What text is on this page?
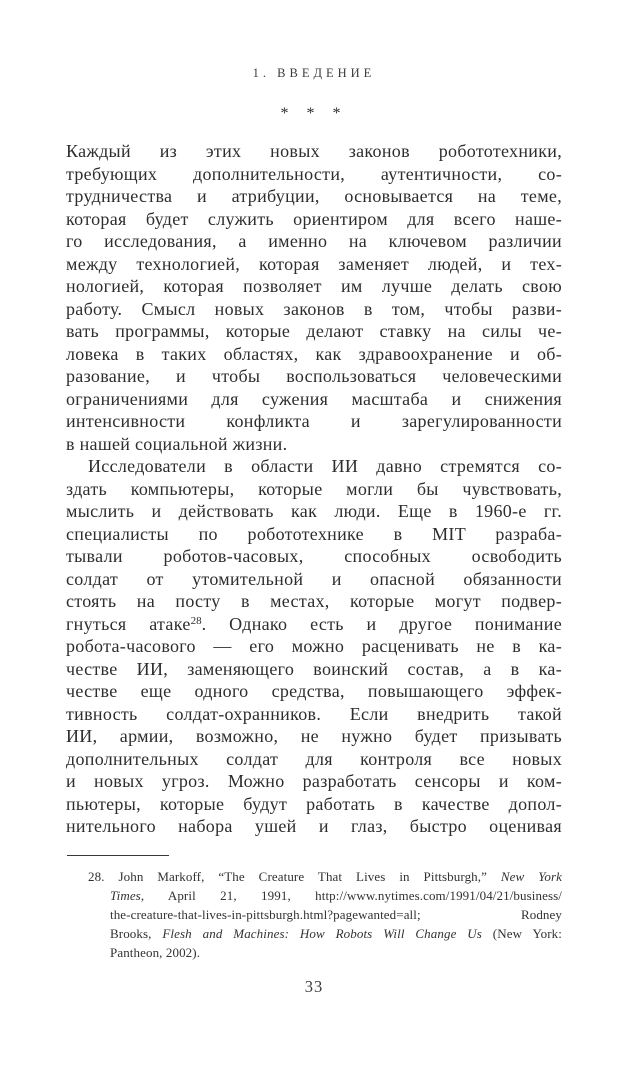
1. ВВЕДЕНИЕ
* * *
Каждый из этих новых законов робототехники,
требующих дополнительности, аутентичности, со-
трудничества и атрибуции, основывается на теме,
которая будет служить ориентиром для всего наше-
го исследования, а именно на ключевом различии
между технологией, которая заменяет людей, и тех-
нологией, которая позволяет им лучше делать свою
работу. Смысл новых законов в том, чтобы разви-
вать программы, которые делают ставку на силы че-
ловека в таких областях, как здравоохранение и об-
разование, и чтобы воспользоваться человеческими
ограничениями для сужения масштаба и снижения
интенсивности конфликта и зарегулированности
в нашей социальной жизни.
Исследователи в области ИИ давно стремятся со-
здать компьютеры, которые могли бы чувствовать,
мыслить и действовать как люди. Еще в 1960-е гг.
специалисты по робототехнике в MIT разраба-
тывали роботов-часовых, способных освободить
солдат от утомительной и опасной обязанности
стоять на посту в местах, которые могут подвер-
гнуться атаке$^{28}$. Однако есть и другое понимание
робота-часового — его можно расценивать не в ка-
честве ИИ, заменяющего воинский состав, а в ка-
честве еще одного средства, повышающего эффек-
тивность солдат-охранников. Если внедрить такой
ИИ, армии, возможно, не нужно будет призывать
дополнительных солдат для контроля все новых
и новых угроз. Можно разработать сенсоры и ком-
пьютеры, которые будут работать в качестве допол-
нительного набора ушей и глаз, быстро оценивая
28. John Markoff, “The Creature That Lives in Pittsburgh,” New York
Times, April 21, 1991, http://www.nytimes.com/1991/04/21/business/
the-creature-that-lives-in-pittsburgh.html?pagewanted=all; Rodney
Brooks, Flesh and Machines: How Robots Will Change Us (New York:
Pantheon, 2002).
33
